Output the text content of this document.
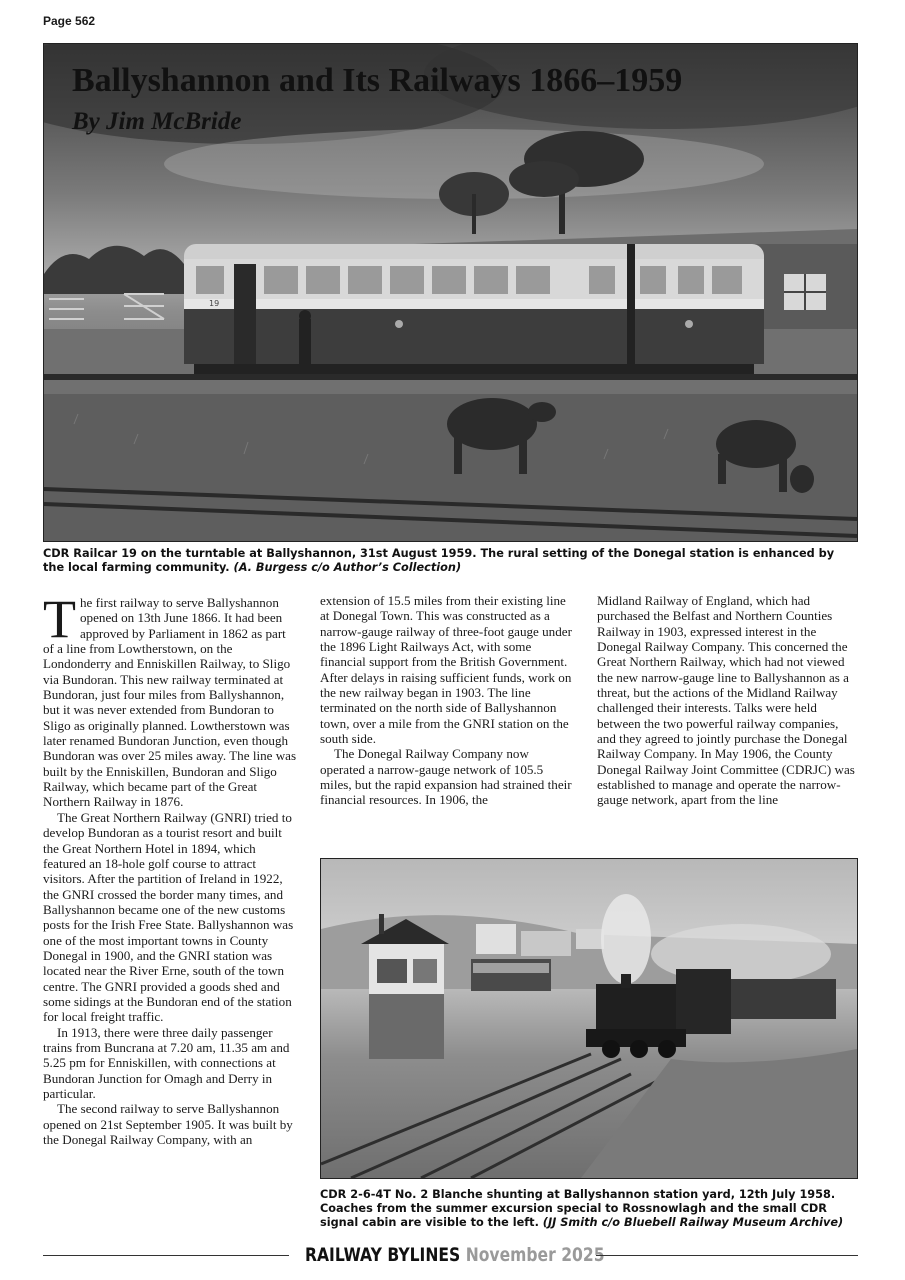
Page 562
19
Ballyshannon and Its Railways 1866–1959
By Jim McBride

CDR Railcar 19 on the turntable at Ballyshannon, 31st August 1959. The rural setting of the Donegal station is enhanced by the local farming community. (A. Burgess c/o Author’s Collection)

The first railway to serve Ballyshannon opened on 13th June 1866. It had been approved by Parliament in 1862 as part of a line from Lowtherstown, on the Londonderry and Enniskillen Railway, to Sligo via Bundoran. This new railway terminated at Bundoran, just four miles from Ballyshannon, but it was never extended from Bundoran to Sligo as originally planned. Lowtherstown was later renamed Bundoran Junction, even though Bundoran was over 25 miles away. The line was built by the Enniskillen, Bundoran and Sligo Railway, which became part of the Great Northern Railway in 1876.

The Great Northern Railway (GNRI) tried to develop Bundoran as a tourist resort and built the Great Northern Hotel in 1894, which featured an 18-hole golf course to attract visitors. After the partition of Ireland in 1922, the GNRI crossed the border many times, and Ballyshannon became one of the new customs posts for the Irish Free State. Ballyshannon was one of the most important towns in County Donegal in 1900, and the GNRI station was located near the River Erne, south of the town centre. The GNRI provided a goods shed and some sidings at the Bundoran end of the station for local freight traffic.

In 1913, there were three daily passenger trains from Buncrana at 7.20 am, 11.35 am and 5.25 pm for Enniskillen, with connections at Bundoran Junction for Omagh and Derry in particular.

The second railway to serve Ballyshannon opened on 21st September 1905. It was built by the Donegal Railway Company, with an

extension of 15.5 miles from their existing line at Donegal Town. This was constructed as a narrow-gauge railway of three-foot gauge under the 1896 Light Railways Act, with some financial support from the British Government. After delays in raising sufficient funds, work on the new railway began in 1903. The line terminated on the north side of Ballyshannon town, over a mile from the GNRI station on the south side.

The Donegal Railway Company now operated a narrow-gauge network of 105.5 miles, but the rapid expansion had strained their financial resources. In 1906, the

Midland Railway of England, which had purchased the Belfast and Northern Counties Railway in 1903, expressed interest in the Donegal Railway Company. This concerned the Great Northern Railway, which had not viewed the new narrow-gauge line to Ballyshannon as a threat, but the actions of the Midland Railway challenged their interests. Talks were held between the two powerful railway companies, and they agreed to jointly purchase the Donegal Railway Company. In May 1906, the County Donegal Railway Joint Committee (CDRJC) was established to manage and operate the narrow-gauge network, apart from the line

CDR 2-6-4T No. 2 Blanche shunting at Ballyshannon station yard, 12th July 1958. Coaches from the summer excursion special to Rossnowlagh and the small CDR signal cabin are visible to the left. (JJ Smith c/o Bluebell Railway Museum Archive)

RAILWAY BYLINES November 2025
